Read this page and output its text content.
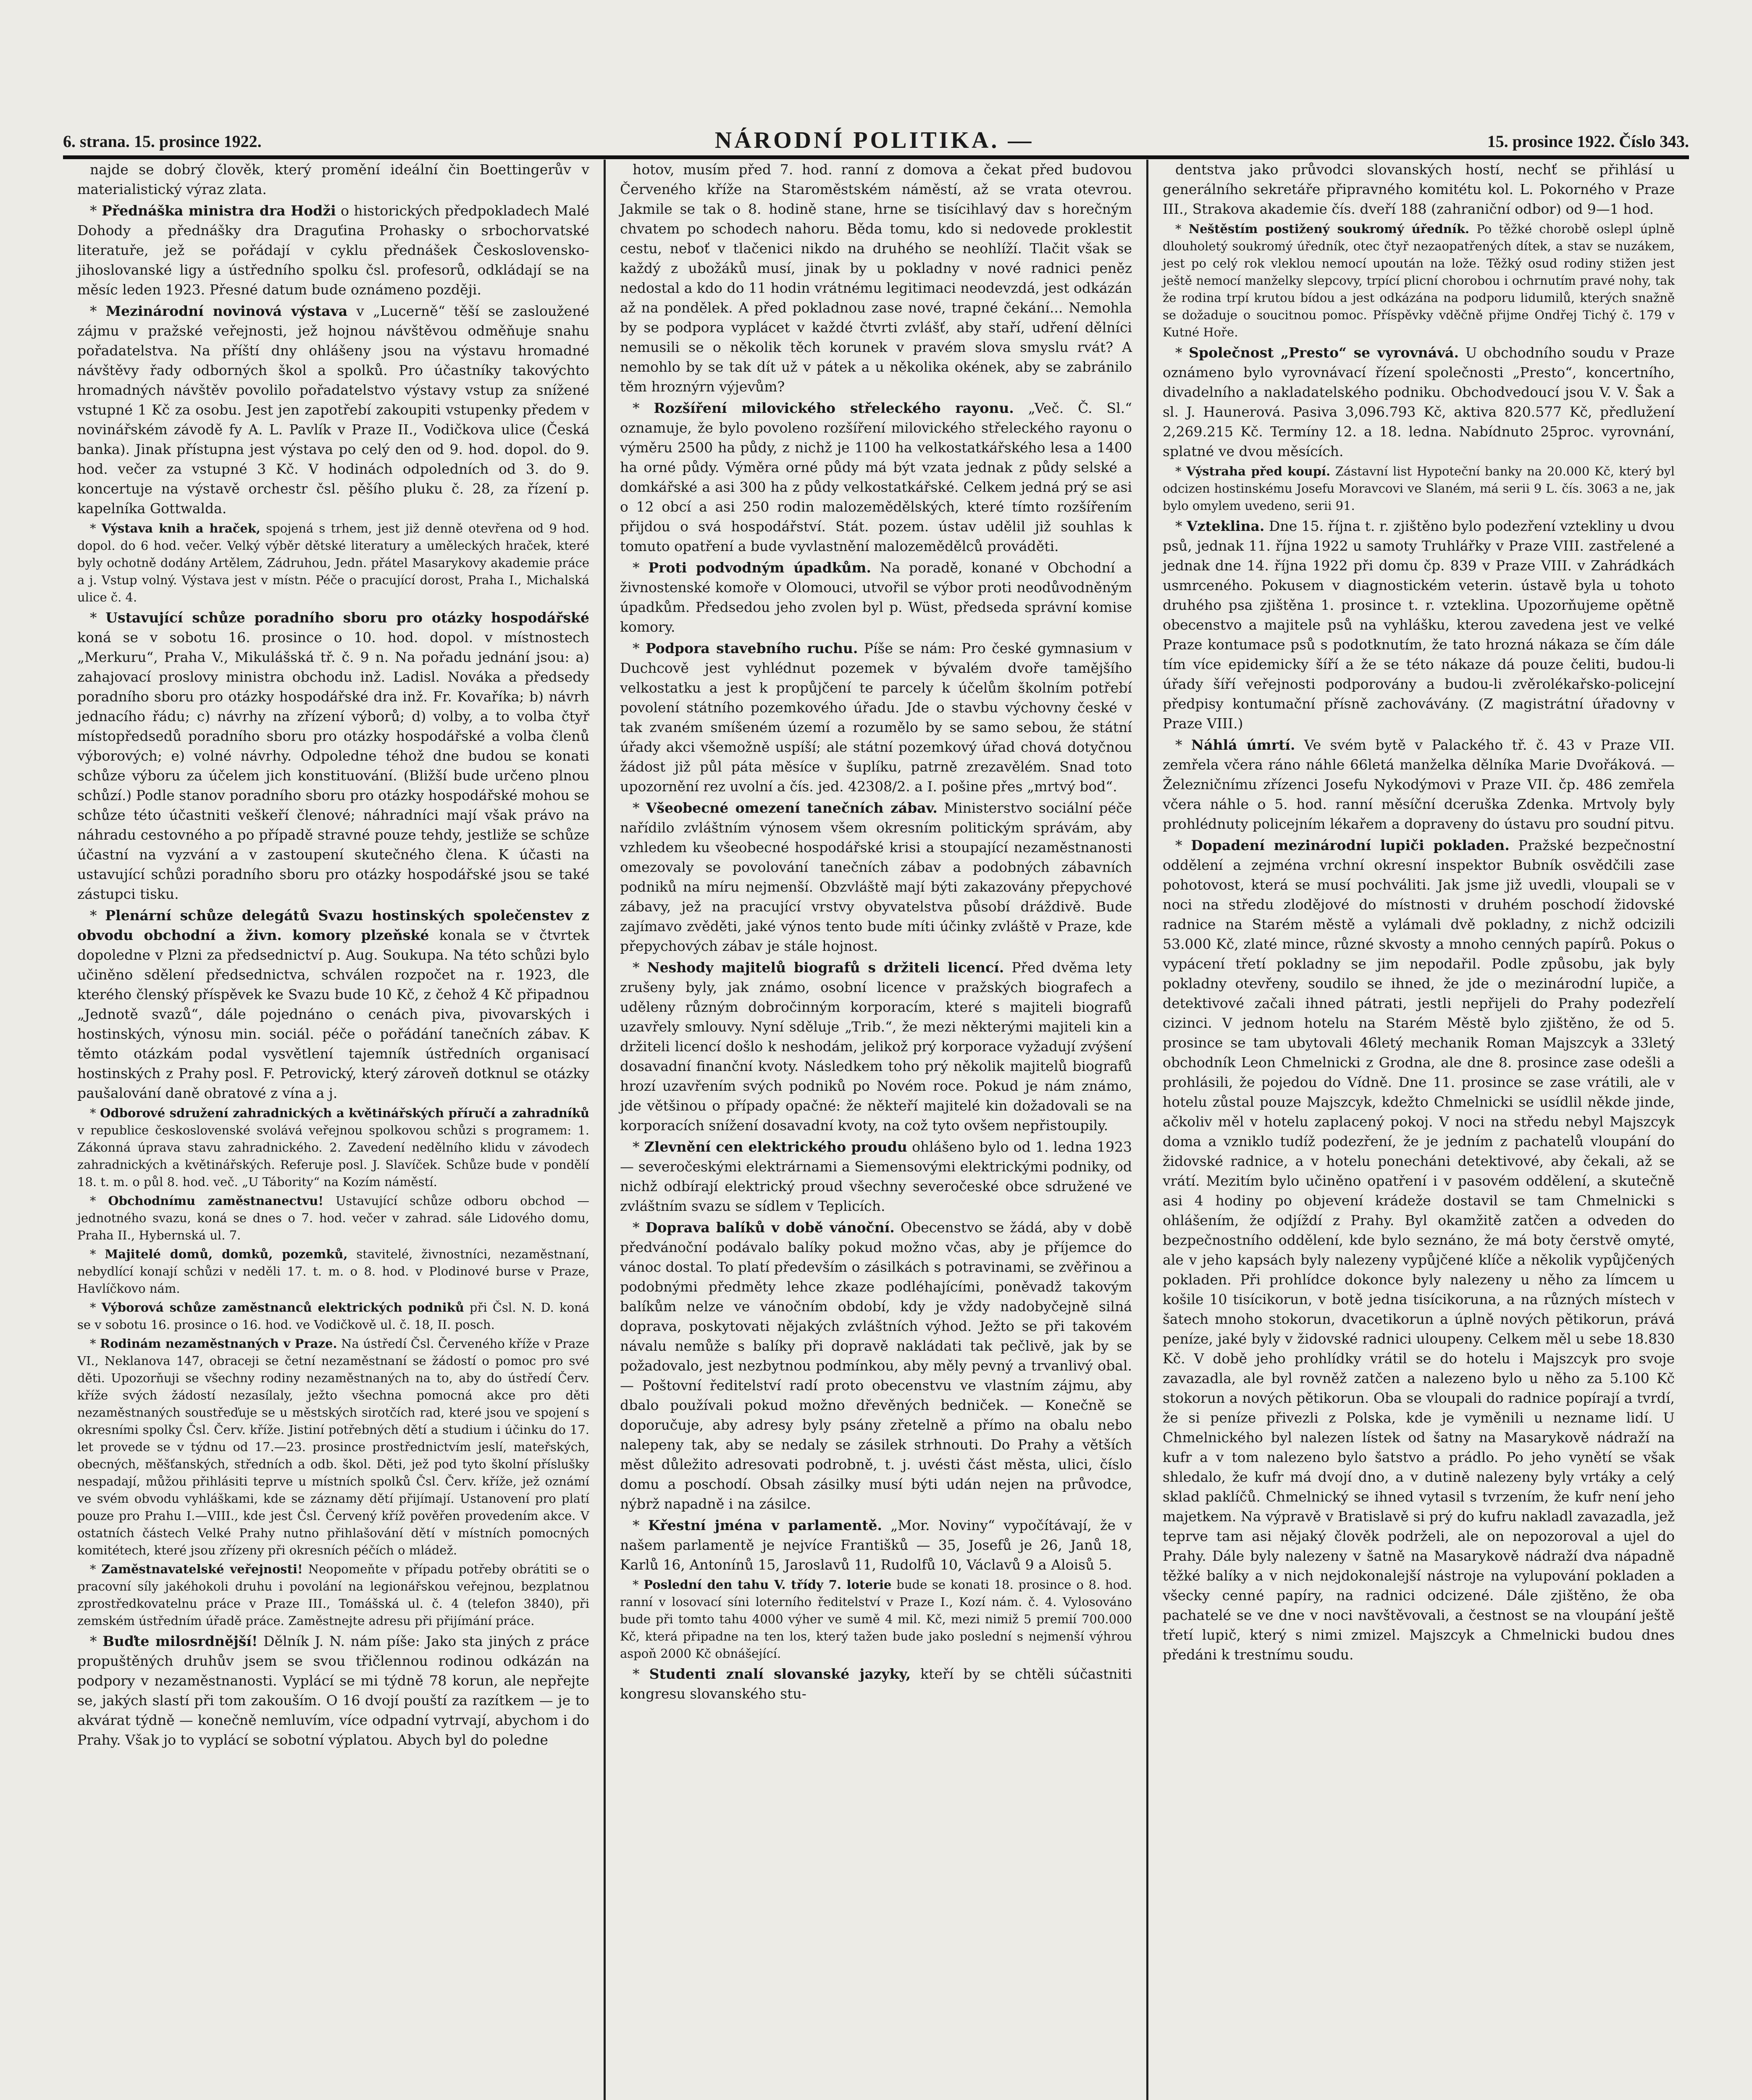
6. strana. 15. prosince 1922.	NÁRODNÍ POLITIKA. —	15. prosince 1922. Číslo 343.

najde se dobrý člověk, který promění ideální čin Boettingerův v materialistický výraz zlata.

* Přednáška ministra dra Hodži o historických předpokladech Malé Dohody a přednášky dra Draguťina Prohasky o srbochorvatské literatuře, jež se pořádají v cyklu přednášek Československo-jihoslovanské ligy a ústředního spolku čsl. profesorů, odkládají se na měsíc leden 1923. Přesné datum bude oznámeno později.

* Mezinárodní novinová výstava v „Lucerně“ těší se zasloužené zájmu v pražské veřejnosti, jež hojnou návštěvou odměňuje snahu pořadatelstva. Na příští dny ohlášeny jsou na výstavu hromadné návštěvy řady odborných škol a spolků. Pro účastníky takovýchto hromadných návštěv povolilo pořadatelstvo výstavy vstup za snížené vstupné 1 Kč za osobu. Jest jen zapotřebí zakoupiti vstupenky předem v novinářském závodě fy A. L. Pavlík v Praze II., Vodičkova ulice (Česká banka). Jinak přístupna jest výstava po celý den od 9. hod. dopol. do 9. hod. večer za vstupné 3 Kč. V hodinách odpoledních od 3. do 9. koncertuje na výstavě orchestr čsl. pěšího pluku č. 28, za řízení p. kapelníka Gottwalda.

* Výstava knih a hraček, spojená s trhem, jest již denně otevřena od 9 hod. dopol. do 6 hod. večer. Velký výběr dětské literatury a uměleckých hraček, které byly ochotně dodány Artělem, Zádruhou, Jedn. přátel Masarykovy akademie práce a j. Vstup volný. Výstava jest v místn. Péče o pracující dorost, Praha I., Michalská ulice č. 4.

* Ustavující schůze poradního sboru pro otázky hospodářské koná se v sobotu 16. prosince o 10. hod. dopol. v místnostech „Merkuru“, Praha V., Mikulášská tř. č. 9 n. Na pořadu jednání jsou: a) zahajovací proslovy ministra obchodu inž. Ladisl. Nováka a předsedy poradního sboru pro otázky hospodářské dra inž. Fr. Kovaříka; b) návrh jednacího řádu; c) návrhy na zřízení výborů; d) volby, a to volba čtyř místopředsedů poradního sboru pro otázky hospodářské a volba členů výborových; e) volné návrhy. Odpoledne téhož dne budou se konati schůze výboru za účelem jich konstituování. (Bližší bude určeno plnou schůzí.) Podle stanov poradního sboru pro otázky hospodářské mohou se schůze této účastniti veškeří členové; náhradníci mají však právo na náhradu cestovného a po případě stravné pouze tehdy, jestliže se schůze účastní na vyzvání a v zastoupení skutečného člena. K účasti na ustavující schůzi poradního sboru pro otázky hospodářské jsou se také zástupci tisku.

* Plenární schůze delegátů Svazu hostinských společenstev z obvodu obchodní a živn. komory plzeňské konala se v čtvrtek dopoledne v Plzni za předsednictví p. Aug. Soukupa. Na této schůzi bylo učiněno sdělení předsednictva, schválen rozpočet na r. 1923, dle kterého členský příspěvek ke Svazu bude 10 Kč, z čehož 4 Kč připadnou „Jednotě svazů“, dále pojednáno o cenách piva, pivovarských i hostinských, výnosu min. sociál. péče o pořádání tanečních zábav. K těmto otázkám podal vysvětlení tajemník ústředních organisací hostinských z Prahy posl. F. Petrovický, který zároveň dotknul se otázky paušalování daně obratové z vína a j.

* Odborové sdružení zahradnických a květinářských příručí a zahradníků v republice československé svolává veřejnou spolkovou schůzi s programem: 1. Zákonná úprava stavu zahradnického. 2. Zavedení nedělního klidu v závodech zahradnických a květinářských. Referuje posl. J. Slavíček. Schůze bude v pondělí 18. t. m. o půl 8. hod. več. „U Tábority“ na Kozím náměstí.

* Obchodnímu zaměstnanectvu! Ustavující schůze odboru obchod — jednotného svazu, koná se dnes o 7. hod. večer v zahrad. sále Lidového domu, Praha II., Hybernská ul. 7.

* Majitelé domů, domků, pozemků, stavitelé, živnostníci, nezaměstnaní, nebydlící konají schůzi v neděli 17. t. m. o 8. hod. v Plodinové burse v Praze, Havlíčkovo nám.

* Výborová schůze zaměstnanců elektrických podniků při Čsl. N. D. koná se v sobotu 16. prosince o 16. hod. ve Vodičkově ul. č. 18, II. posch.

* Rodinám nezaměstnaných v Praze. Na ústředí Čsl. Červeného kříže v Praze VI., Neklanova 147, obraceji se četní nezaměstnaní se žádostí o pomoc pro své děti. Upozorňuji se všechny rodiny nezaměstnaných na to, aby do ústředí Červ. kříže svých žádostí nezasílaly, ježto všechna pomocná akce pro děti nezaměstnaných soustřeďuje se u městských sirotčích rad, které jsou ve spojení s okresními spolky Čsl. Červ. kříže. Jistiní potřebných dětí a studium i účinku do 17. let provede se v týdnu od 17.—23. prosince prostřednictvím jeslí, mateřských, obecných, měšťanských, středních a odb. škol. Děti, jež pod tyto školní příslušky nespadají, můžou přihlásiti teprve u místních spolků Čsl. Červ. kříže, jež oznámí ve svém obvodu vyhláškami, kde se záznamy dětí přijímají. Ustanovení pro platí pouze pro Prahu I.—VIII., kde jest Čsl. Červený kříž pověřen provedením akce. V ostatních částech Velké Prahy nutno přihlašování dětí v místních pomocných komitétech, které jsou zřízeny při okresních péčích o mládež.

* Zaměstnavatelské veřejnosti! Neopomeňte v případu potřeby obrátiti se o pracovní síly jakéhokoli druhu i povolání na legionářskou veřejnou, bezplatnou zprostředkovatelnu práce v Praze III., Tomášská ul. č. 4 (telefon 3840), při zemském ústředním úřadě práce. Zaměstnejte adresu při přijímání práce.

* Buďte milosrdnější! Dělník J. N. nám píše: Jako sta jiných z práce propuštěných druhův jsem se svou třičlennou rodinou odkázán na podpory v nezaměstnanosti. Vyplácí se mi týdně 78 korun, ale nepřejte se, jakých slastí při tom zakouším. O 16 dvojí pouští za razítkem — je to akvárat týdně — konečně nemluvím, více odpadní vytrvají, abychom i do Prahy. Však jo to vyplácí se sobotní výplatou. Abych byl do poledne

hotov, musím před 7. hod. ranní z domova a čekat před budovou Červeného kříže na Staroměstském náměstí, až se vrata otevrou. Jakmile se tak o 8. hodině stane, hrne se tisícihlavý dav s horečným chvatem po schodech nahoru. Běda tomu, kdo si nedovede proklestit cestu, neboť v tlačenici nikdo na druhého se neohlíží. Tlačit však se každý z ubožáků musí, jinak by u pokladny v nové radnici peněz nedostal a kdo do 11 hodin vrátnému legitimaci neodevzdá, jest odkázán až na pondělek. A před pokladnou zase nové, trapné čekání... Nemohla by se podpora vyplácet v každé čtvrti zvlášť, aby staří, udření dělníci nemusili se o několik těch korunek v pravém slova smyslu rvát? A nemohlo by se tak dít už v pátek a u několika okének, aby se zabránilo těm hroznýrn výjevům?

* Rozšíření milovického střeleckého rayonu. „Več. Č. Sl.“ oznamuje, že bylo povoleno rozšíření milovického střeleckého rayonu o výměru 2500 ha půdy, z nichž je 1100 ha velkostatkářského lesa a 1400 ha orné půdy. Výměra orné půdy má být vzata jednak z půdy selské a domkářské a asi 300 ha z půdy velkostatkářské. Celkem jedná prý se asi o 12 obcí a asi 250 rodin malozemědělských, které tímto rozšířením přijdou o svá hospodářství. Stát. pozem. ústav udělil již souhlas k tomuto opatření a bude vyvlastnění malozemědělců prováděti.

* Proti podvodným úpadkům. Na poradě, konané v Obchodní a živnostenské komoře v Olomouci, utvořil se výbor proti neodůvodněným úpadkům. Předsedou jeho zvolen byl p. Wüst, předseda správní komise komory.

* Podpora stavebního ruchu. Píše se nám: Pro české gymnasium v Duchcově jest vyhlédnut pozemek v bývalém dvoře tamějšího velkostatku a jest k propůjčení te parcely k účelům školním potřebí povolení státního pozemkového úřadu. Jde o stavbu výchovny české v tak zvaném smíšeném území a rozumělo by se samo sebou, že státní úřady akci všemožně uspíší; ale státní pozemkový úřad chová dotyčnou žádost již půl páta měsíce v šuplíku, patrně zrezavělém. Snad toto upozornění rez uvolní a čís. jed. 42308/2. a I. pošine přes „mrtvý bod“.

* Všeobecné omezení tanečních zábav. Ministerstvo sociální péče nařídilo zvláštním výnosem všem okresním politickým správám, aby vzhledem ku všeobecné hospodářské krisi a stoupající nezaměstnanosti omezovaly se povolování tanečních zábav a podobných zábavních podniků na míru nejmenší. Obzvláště mají býti zakazovány přepychové zábavy, jež na pracující vrstvy obyvatelstva působí dráždivě. Bude zajímavo zvěděti, jaké výnos tento bude míti účinky zvláště v Praze, kde přepychových zábav je stále hojnost.

* Neshody majitelů biografů s držiteli licencí. Před dvěma lety zrušeny byly, jak známo, osobní licence v pražských biografech a uděleny různým dobročinným korporacím, které s majiteli biografů uzavřely smlouvy. Nyní sděluje „Trib.“, že mezi některými majiteli kin a držiteli licencí došlo k neshodám, jelikož prý korporace vyžadují zvýšení dosavadní finanční kvoty. Následkem toho prý několik majitelů biografů hrozí uzavřením svých podniků po Novém roce. Pokud je nám známo, jde většinou o případy opačné: že někteří majitelé kin dožadovali se na korporacích snížení dosavadní kvoty, na což tyto ovšem nepřistoupily.

* Zlevnění cen elektrického proudu ohlášeno bylo od 1. ledna 1923 — severočeskými elektrárnami a Siemensovými elektrickými podniky, od nichž odbírají elektrický proud všechny severočeské obce sdružené ve zvláštním svazu se sídlem v Teplicích.

* Doprava balíků v době vánoční. Obecenstvo se žádá, aby v době předvánoční podávalo balíky pokud možno včas, aby je příjemce do vánoc dostal. To platí především o zásilkách s potravinami, se zvěřinou a podobnými předměty lehce zkaze podléhajícími, poněvadž takovým balíkům nelze ve vánočním období, kdy je vždy nadobyčejně silná doprava, poskytovati nějakých zvláštních výhod. Ježto se při takovém návalu nemůže s balíky při dopravě nakládati tak pečlivě, jak by se požadovalo, jest nezbytnou podmínkou, aby měly pevný a trvanlivý obal. — Poštovní ředitelství radí proto obecenstvu ve vlastním zájmu, aby dbalo používali pokud možno dřevěných bedniček. — Konečně se doporučuje, aby adresy byly psány zřetelně a přímo na obalu nebo nalepeny tak, aby se nedaly se zásilek strhnouti. Do Prahy a větších měst důležito adresovati podrobně, t. j. uvésti část města, ulici, číslo domu a poschodí. Obsah zásilky musí býti udán nejen na průvodce, nýbrž napadně i na zásilce.

* Křestní jména v parlamentě. „Mor. Noviny“ vypočítávají, že v našem parlamentě je nejvíce Františků — 35, Josefů je 26, Janů 18, Karlů 16, Antonínů 15, Jaroslavů 11, Rudolfů 10, Václavů 9 a Aloisů 5.

* Poslední den tahu V. třídy 7. loterie bude se konati 18. prosince o 8. hod. ranní v losovací síni loterního ředitelství v Praze I., Kozí nám. č. 4. Vylosováno bude při tomto tahu 4000 výher ve sumě 4 mil. Kč, mezi nimiž 5 premií 700.000 Kč, která připadne na ten los, který tažen bude jako poslední s nejmenší výhrou aspoň 2000 Kč obnášející.

* Studenti znalí slovanské jazyky, kteří by se chtěli súčastniti kongresu slovanského stu-

dentstva jako průvodci slovanských hostí, nechť se přihlásí u generálního sekretáře připravného komitétu kol. L. Pokorného v Praze III., Strakova akademie čís. dveří 188 (zahraniční odbor) od 9—1 hod.

* Neštěstím postižený soukromý úředník. Po těžké chorobě oslepl úplně dlouholetý soukromý úředník, otec čtyř nezaopatřených dítek, a stav se nuzákem, jest po celý rok vleklou nemocí upoután na lože. Těžký osud rodiny stižen jest ještě nemocí manželky slepcovy, trpící plicní chorobou i ochrnutím pravé nohy, tak že rodina trpí krutou bídou a jest odkázána na podporu lidumilů, kterých snažně se dožaduje o soucitnou pomoc. Příspěvky vděčně přijme Ondřej Tichý č. 179 v Kutné Hoře.

* Společnost „Presto“ se vyrovnává. U obchodního soudu v Praze oznámeno bylo vyrovnávací řízení společnosti „Presto“, koncertního, divadelního a nakladatelského podniku. Obchodvedoucí jsou V. V. Šak a sl. J. Haunerová. Pasiva 3,096.793 Kč, aktiva 820.577 Kč, předlužení 2,269.215 Kč. Termíny 12. a 18. ledna. Nabídnuto 25proc. vyrovnání, splatné ve dvou měsících.

* Výstraha před koupí. Zástavní list Hypoteční banky na 20.000 Kč, který byl odcizen hostinskému Josefu Moravcovi ve Slaném, má serii 9 L. čís. 3063 a ne, jak bylo omylem uvedeno, serii 91.

* Vzteklina. Dne 15. října t. r. zjištěno bylo podezření vztekliny u dvou psů, jednak 11. října 1922 u samoty Truhlářky v Praze VIII. zastřelené a jednak dne 14. října 1922 při domu čp. 839 v Praze VIII. v Zahrádkách usmrceného. Pokusem v diagnostickém veterin. ústavě byla u tohoto druhého psa zjištěna 1. prosince t. r. vzteklina. Upozorňujeme opětně obecenstvo a majitele psů na vyhlášku, kterou zavedena jest ve velké Praze kontumace psů s podotknutím, že tato hrozná nákaza se čím dále tím více epidemicky šíří a že se této nákaze dá pouze čeliti, budou-li úřady šíří veřejnosti podporovány a budou-li zvěrolékařsko-policejní předpisy kontumační přísně zachovávány. (Z magistrátní úřadovny v Praze VIII.)

* Náhlá úmrtí. Ve svém bytě v Palackého tř. č. 43 v Praze VII. zemřela včera ráno náhle 66letá manželka dělníka Marie Dvořáková. — Železničnímu zřízenci Josefu Nykodýmovi v Praze VII. čp. 486 zemřela včera náhle o 5. hod. ranní měsíční dceruška Zdenka. Mrtvoly byly prohlédnuty policejním lékařem a dopraveny do ústavu pro soudní pitvu.

* Dopadení mezinárodní lupiči pokladen. Pražské bezpečnostní oddělení a zejména vrchní okresní inspektor Bubník osvědčili zase pohotovost, která se musí pochváliti. Jak jsme již uvedli, vloupali se v noci na středu zlodějové do místnosti v druhém poschodí židovské radnice na Starém městě a vylámali dvě pokladny, z nichž odcizili 53.000 Kč, zlaté mince, různé skvosty a mnoho cenných papírů. Pokus o vypácení třetí pokladny se jim nepodařil. Podle způsobu, jak byly pokladny otevřeny, soudilo se ihned, že jde o mezinárodní lupiče, a detektivové začali ihned pátrati, jestli nepřijeli do Prahy podezřelí cizinci. V jednom hotelu na Starém Městě bylo zjištěno, že od 5. prosince se tam ubytovali 46letý mechanik Roman Majszcyk a 33letý obchodník Leon Chmelnicki z Grodna, ale dne 8. prosince zase odešli a prohlásili, že pojedou do Vídně. Dne 11. prosince se zase vrátili, ale v hotelu zůstal pouze Majszcyk, kdežto Chmelnicki se usídlil někde jinde, ačkoliv měl v hotelu zaplacený pokoj. V noci na středu nebyl Majszcyk doma a vzniklo tudíž podezření, že je jedním z pachatelů vloupání do židovské radnice, a v hotelu ponecháni detektivové, aby čekali, až se vrátí. Mezitím bylo učiněno opatření i v pasovém oddělení, a skutečně asi 4 hodiny po objevení krádeže dostavil se tam Chmelnicki s ohlášením, že odjíždí z Prahy. Byl okamžitě zatčen a odveden do bezpečnostního oddělení, kde bylo seznáno, že má boty čerstvě omyté, ale v jeho kapsách byly nalezeny vypůjčené klíče a několik vypůjčených pokladen. Při prohlídce dokonce byly nalezeny u něho za límcem u košile 10 tisícikorun, v botě jedna tisícikoruna, a na různých místech v šatech mnoho stokorun, dvacetikorun a úplně nových pětikorun, prává peníze, jaké byly v židovské radnici uloupeny. Celkem měl u sebe 18.830 Kč. V době jeho prohlídky vrátil se do hotelu i Majszcyk pro svoje zavazadla, ale byl rovněž zatčen a nalezeno bylo u něho za 5.100 Kč stokorun a nových pětikorun. Oba se vloupali do radnice popírají a tvrdí, že si peníze přivezli z Polska, kde je vyměnili u nezname lidí. U Chmelnického byl nalezen lístek od šatny na Masarykově nádraží na kufr a v tom nalezeno bylo šatstvo a prádlo. Po jeho vynětí se však shledalo, že kufr má dvojí dno, a v dutině nalezeny byly vrtáky a celý sklad paklíčů. Chmelnický se ihned vytasil s tvrzením, že kufr není jeho majetkem. Na výpravě v Bratislavě si prý do kufru nakladl zavazadla, jež teprve tam asi nějaký člověk podrželi, ale on nepozoroval a ujel do Prahy. Dále byly nalezeny v šatně na Masarykově nádraží dva nápadně těžké balíky a v nich nejdokonalejší nástroje na vylupování pokladen a všecky cenné papíry, na radnici odcizené. Dále zjištěno, že oba pachatelé se ve dne v noci navštěvovali, a čestnost se na vloupání ještě třetí lupič, který s nimi zmizel. Majszcyk a Chmelnicki budou dnes předáni k trestnímu soudu.
